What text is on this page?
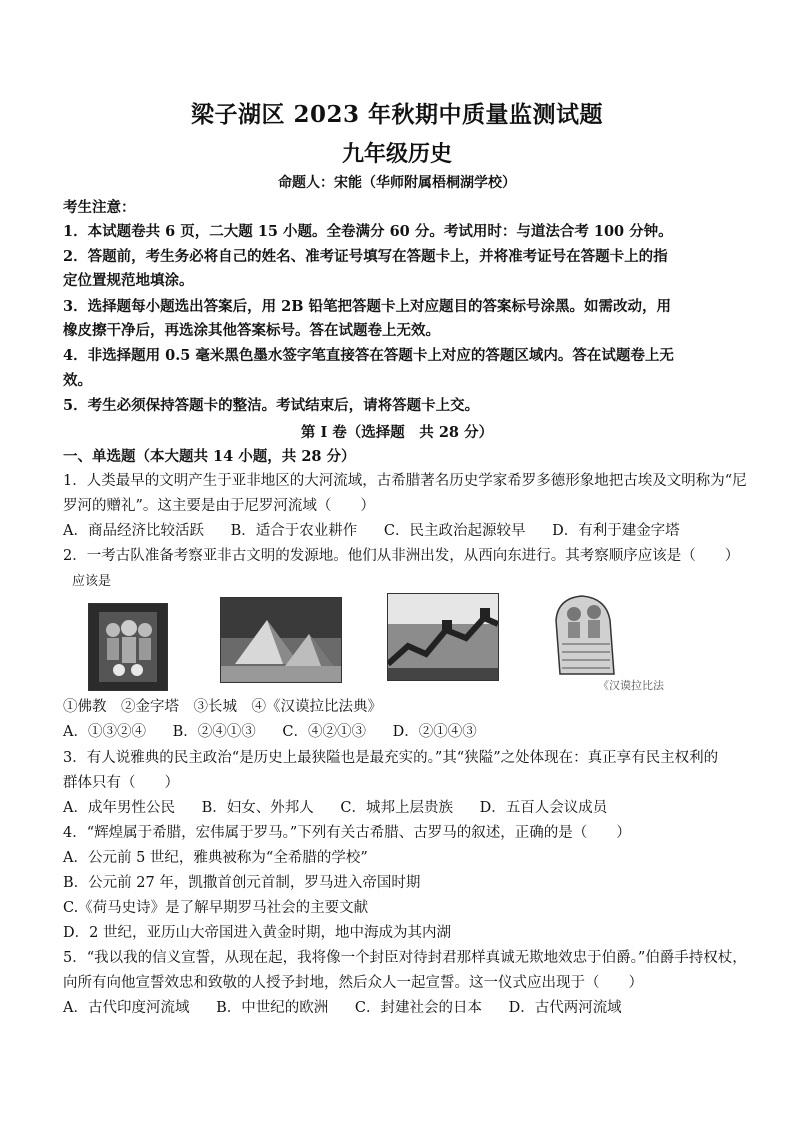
梁子湖区 2023 年秋期中质量监测试题
九年级历史
命题人：宋能（华师附属梧桐湖学校）
考生注意：
1．本试题卷共 6 页，二大题 15 小题。全卷满分 60 分。考试用时：与道法合考 100 分钟。
2．答题前，考生务必将自己的姓名、准考证号填写在答题卡上，并将准考证号在答题卡上的指
定位置规范地填涂。
3．选择题每小题选出答案后，用 2B 铅笔把答题卡上对应题目的答案标号涂黑。如需改动，用
橡皮擦干净后，再选涂其他答案标号。答在试题卷上无效。
4．非选择题用 0.5 毫米黑色墨水签字笔直接答在答题卡上对应的答题区域内。答在试题卷上无
效。
5．考生必须保持答题卡的整洁。考试结束后，请将答题卡上交。
第 I 卷（选择题　共 28 分）
一、单选题（本大题共 14 小题，共 28 分）
1．人类最早的文明产生于亚非地区的大河流域，古希腊著名历史学家希罗多德形象地把古埃及文明称为“尼
罗河的赠礼”。这主要是由于尼罗河流域（　　）
A．商品经济比较活跃 B．适合于农业耕作 C．民主政治起源较早 D．有利于建金字塔
2．一考古队准备考察亚非古文明的发源地。他们从非洲出发，从西向东进行。其考察顺序应该是（　　）
应该是
《汉谟拉比法
①佛教　②金字塔　③长城　④《汉谟拉比法典》
A．①③②④ B．②④①③ C．④②①③ D．②①④③
3．有人说雅典的民主政治“是历史上最狭隘也是最充实的。”其“狭隘”之处体现在：真正享有民主权利的
群体只有（　　）
A．成年男性公民 B．妇女、外邦人 C．城邦上层贵族 D．五百人会议成员
4．“辉煌属于希腊，宏伟属于罗马。”下列有关古希腊、古罗马的叙述，正确的是（　　）
A．公元前 5 世纪，雅典被称为“全希腊的学校”
B．公元前 27 年，凯撒首创元首制，罗马进入帝国时期
C.《荷马史诗》是了解早期罗马社会的主要文献
D．2 世纪，亚历山大帝国进入黄金时期，地中海成为其内湖
5．“我以我的信义宣誓，从现在起，我将像一个封臣对待封君那样真诚无欺地效忠于伯爵。”伯爵手持权杖，
向所有向他宣誓效忠和致敬的人授予封地，然后众人一起宣誓。这一仪式应出现于（　　）
A．古代印度河流域 B．中世纪的欧洲 C．封建社会的日本 D．古代两河流域
